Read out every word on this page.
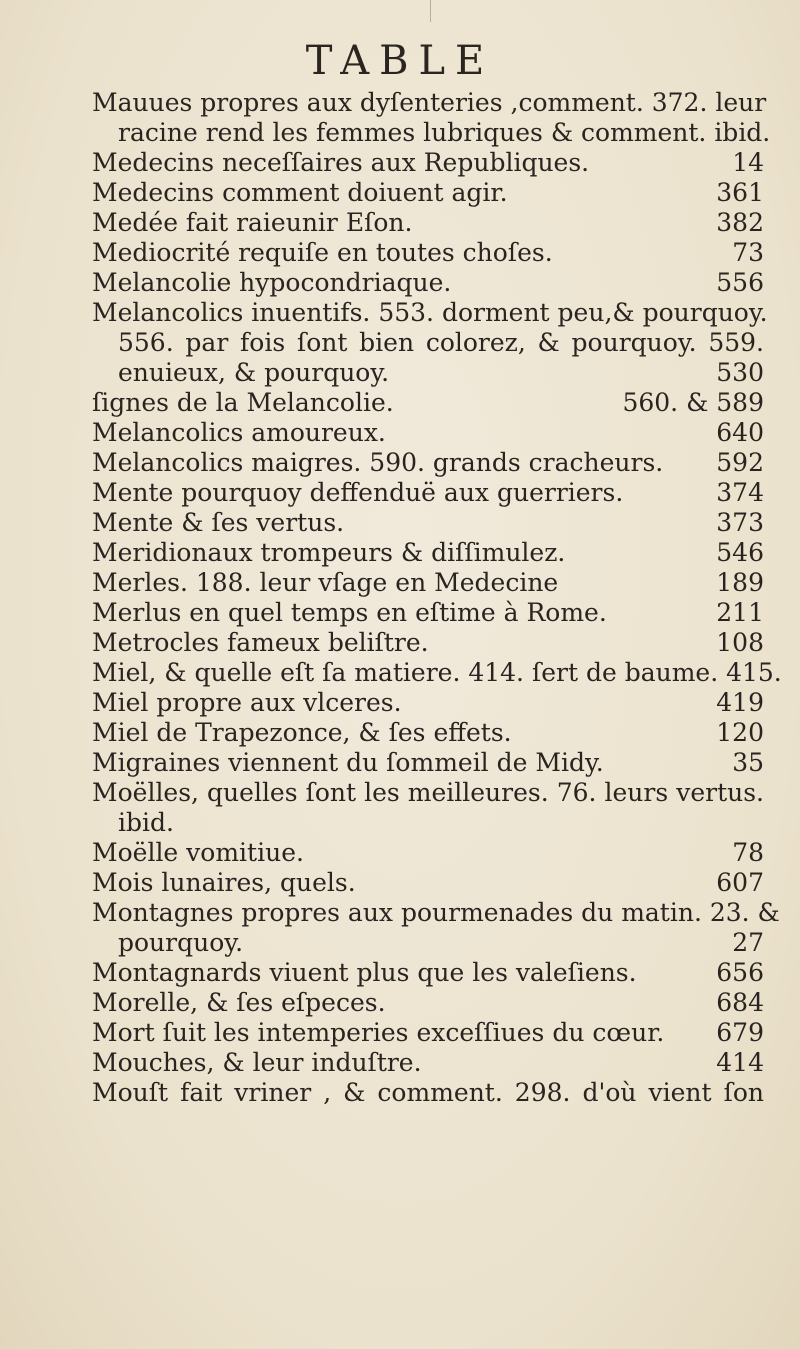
TABLE
Mauues propres aux dyſenteries ,comment. 372. leur
racine rend les femmes lubriques & comment. ibid.
Medecins neceſſaires aux Republiques.	14
Medecins comment doiuent agir.	361
Medée fait raieunir Eſon.	382
Mediocrité requiſe en toutes choſes.	73
Melancolie hypocondriaque.	556
Melancolics inuentifs. 553. dorment peu,& pourquoy.
556. par fois ſont bien colorez, & pourquoy. 559.
enuieux, & pourquoy.	530
ſignes de la Melancolie.	560. & 589
Melancolics amoureux.	640
Melancolics maigres. 590. grands cracheurs. 592
Mente pourquoy deffenduë aux guerriers.	374
Mente & ſes vertus.	373
Meridionaux trompeurs & diſſimulez.	546
Merles. 188. leur vſage en Medecine	189
Merlus en quel temps en eſtime à Rome.	211
Metrocles fameux beliſtre.	108
Miel, & quelle eſt ſa matiere. 414. ſert de baume. 415.
Miel propre aux vlceres.	419
Miel de Trapezonce, & ſes effets.	120
Migraines viennent du ſommeil de Midy.	35
Moëlles, quelles ſont les meilleures. 76. leurs vertus.
ibid.
Moëlle vomitiue.	78
Mois lunaires, quels.	607
Montagnes propres aux pourmenades du matin. 23. &
pourquoy.	27
Montagnards viuent plus que les valeſiens.	656
Morelle, & ſes eſpeces.	684
Mort ſuit les intemperies exceſſiues du cœur. 679
Mouches, & leur induſtre.	414
Mouſt fait vriner , & comment. 298. d'où vient ſon
